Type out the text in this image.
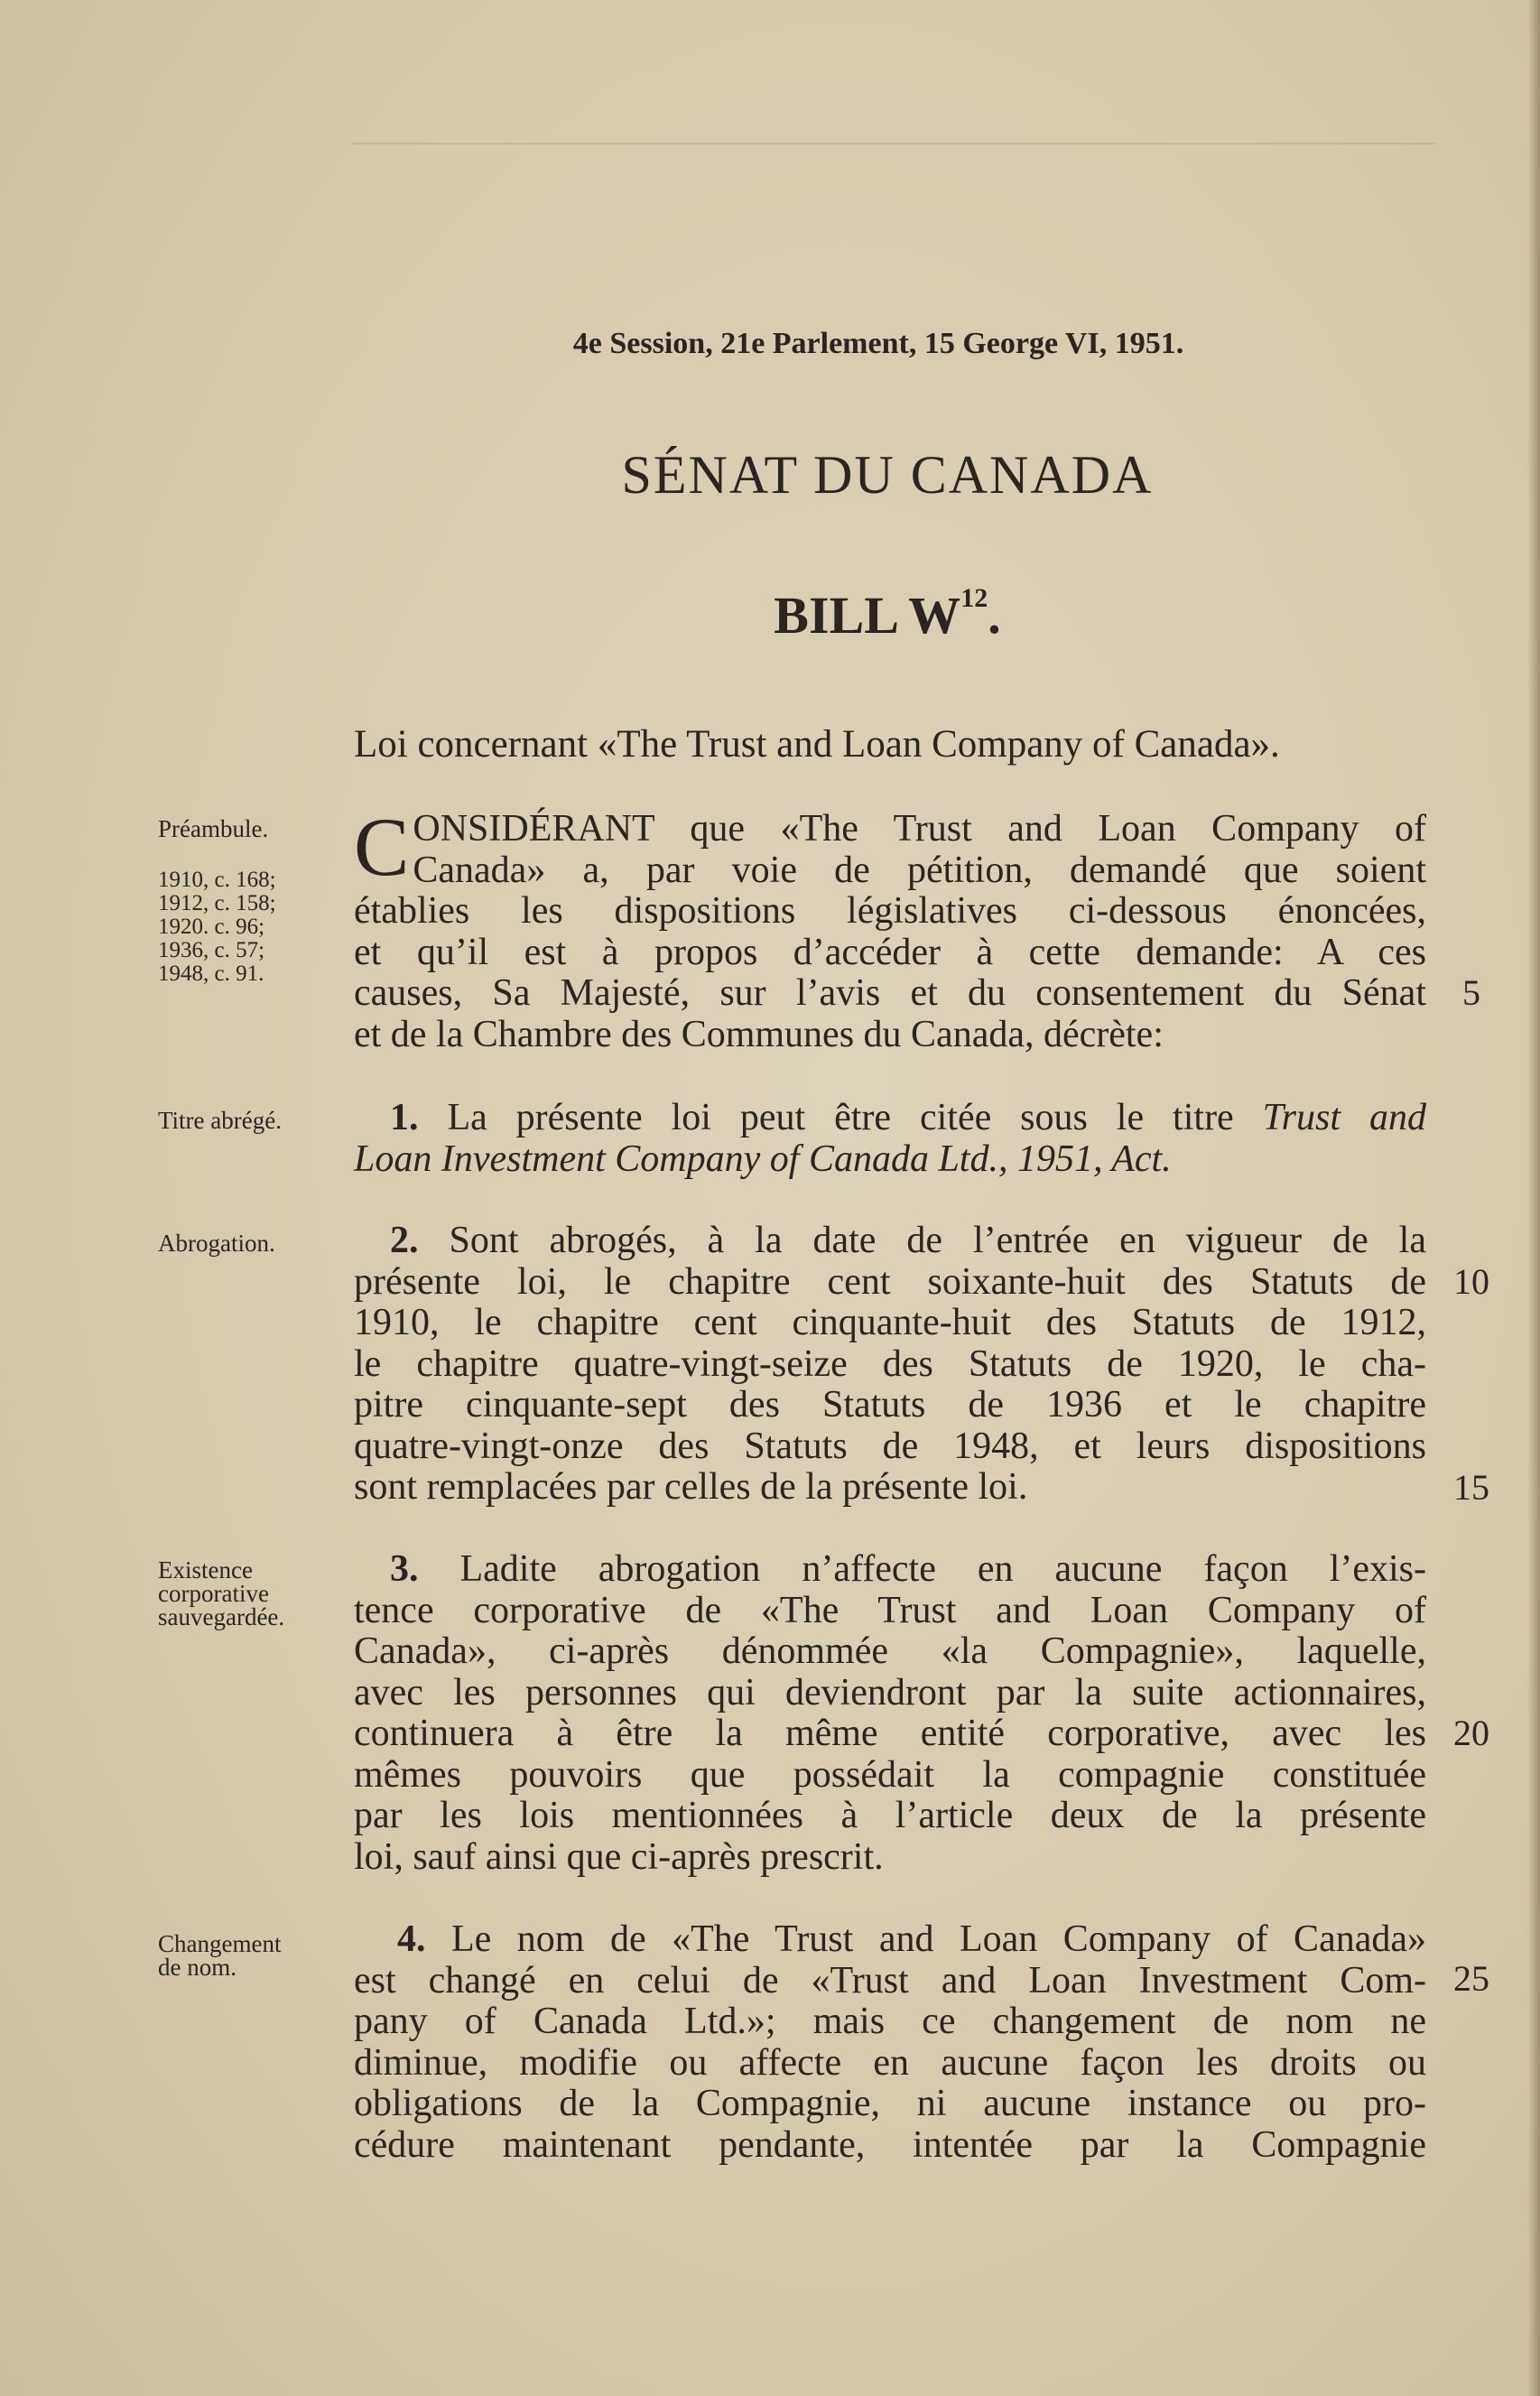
4e Session, 21e Parlement, 15 George VI, 1951.
SÉNAT DU CANADA
BILL $W^{12}$.
Loi concernant «The Trust and Loan Company of Canada».
Préambule.
1910, c. 168;
1912, c. 158;
1920. c. 96;
1936, c. 57;
1948, c. 91.
Titre abrégé.
Abrogation.
Existence
corporative
sauvegardée.
Changement
de nom.
C ONSIDÉRANT que «The Trust and Loan Company of
Canada» a, par voie de pétition, demandé que soient
établies les dispositions législatives ci-dessous énoncées,
et qu’il est à propos d’accéder à cette demande: A ces
causes, Sa Majesté, sur l’avis et du consentement du Sénat
et de la Chambre des Communes du Canada, décrète:
1. La présente loi peut être citée sous le titre Trust and
Loan Investment Company of Canada Ltd., 1951, Act.
2. Sont abrogés, à la date de l’entrée en vigueur de la
présente loi, le chapitre cent soixante-huit des Statuts de
1910, le chapitre cent cinquante-huit des Statuts de 1912,
le chapitre quatre-vingt-seize des Statuts de 1920, le cha-
pitre cinquante-sept des Statuts de 1936 et le chapitre
quatre-vingt-onze des Statuts de 1948, et leurs dispositions
sont remplacées par celles de la présente loi.
3. Ladite abrogation n’affecte en aucune façon l’exis-
tence corporative de «The Trust and Loan Company of
Canada», ci-après dénommée «la Compagnie», laquelle,
avec les personnes qui deviendront par la suite actionnaires,
continuera à être la même entité corporative, avec les
mêmes pouvoirs que possédait la compagnie constituée
par les lois mentionnées à l’article deux de la présente
loi, sauf ainsi que ci-après prescrit.
4. Le nom de «The Trust and Loan Company of Canada»
est changé en celui de «Trust and Loan Investment Com-
pany of Canada Ltd.»; mais ce changement de nom ne
diminue, modifie ou affecte en aucune façon les droits ou
obligations de la Compagnie, ni aucune instance ou pro-
cédure maintenant pendante, intentée par la Compagnie
5
10
15
20
25
